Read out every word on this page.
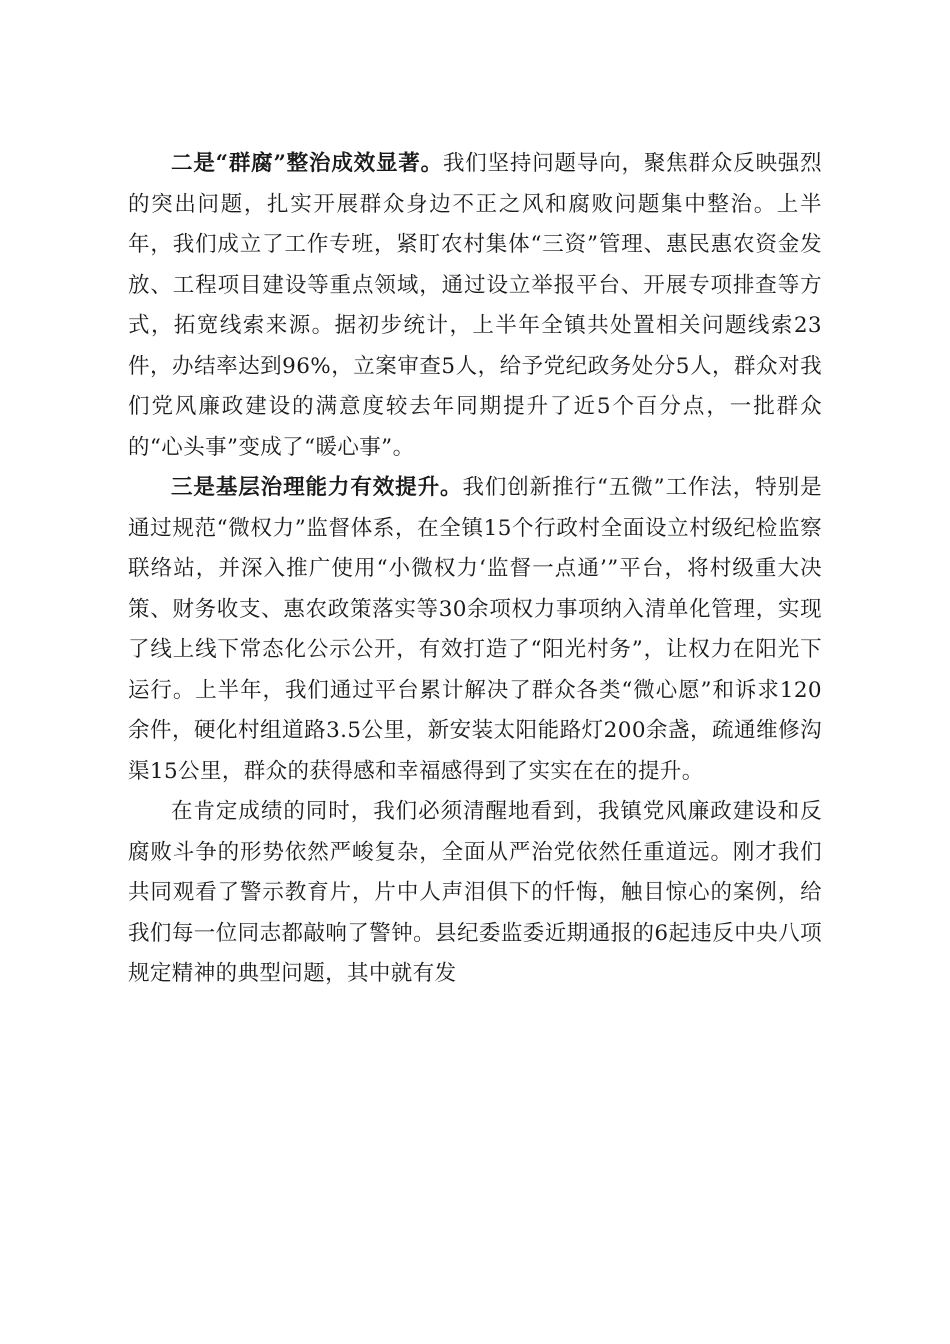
二是“群腐”整治成效显著。我们坚持问题导向，聚焦群众反映强烈的突出问题，扎实开展群众身边不正之风和腐败问题集中整治。上半年，我们成立了工作专班，紧盯农村集体“三资”管理、惠民惠农资金发放、工程项目建设等重点领域，通过设立举报平台、开展专项排查等方式，拓宽线索来源。据初步统计，上半年全镇共处置相关问题线索23件，办结率达到96%，立案审查5人，给予党纪政务处分5人，群众对我们党风廉政建设的满意度较去年同期提升了近5个百分点，一批群众的“心头事”变成了“暖心事”。

三是基层治理能力有效提升。我们创新推行“五微”工作法，特别是通过规范“微权力”监督体系，在全镇15个行政村全面设立村级纪检监察联络站，并深入推广使用“小微权力‘监督一点通’”平台，将村级重大决策、财务收支、惠农政策落实等30余项权力事项纳入清单化管理，实现了线上线下常态化公示公开，有效打造了“阳光村务”，让权力在阳光下运行。上半年，我们通过平台累计解决了群众各类“微心愿”和诉求120余件，硬化村组道路3.5公里，新安装太阳能路灯200余盏，疏通维修沟渠15公里，群众的获得感和幸福感得到了实实在在的提升。

在肯定成绩的同时，我们必须清醒地看到，我镇党风廉政建设和反腐败斗争的形势依然严峻复杂，全面从严治党依然任重道远。刚才我们共同观看了警示教育片，片中人声泪俱下的忏悔，触目惊心的案例，给我们每一位同志都敲响了警钟。县纪委监委近期通报的6起违反中央八项规定精神的典型问题，其中就有发
